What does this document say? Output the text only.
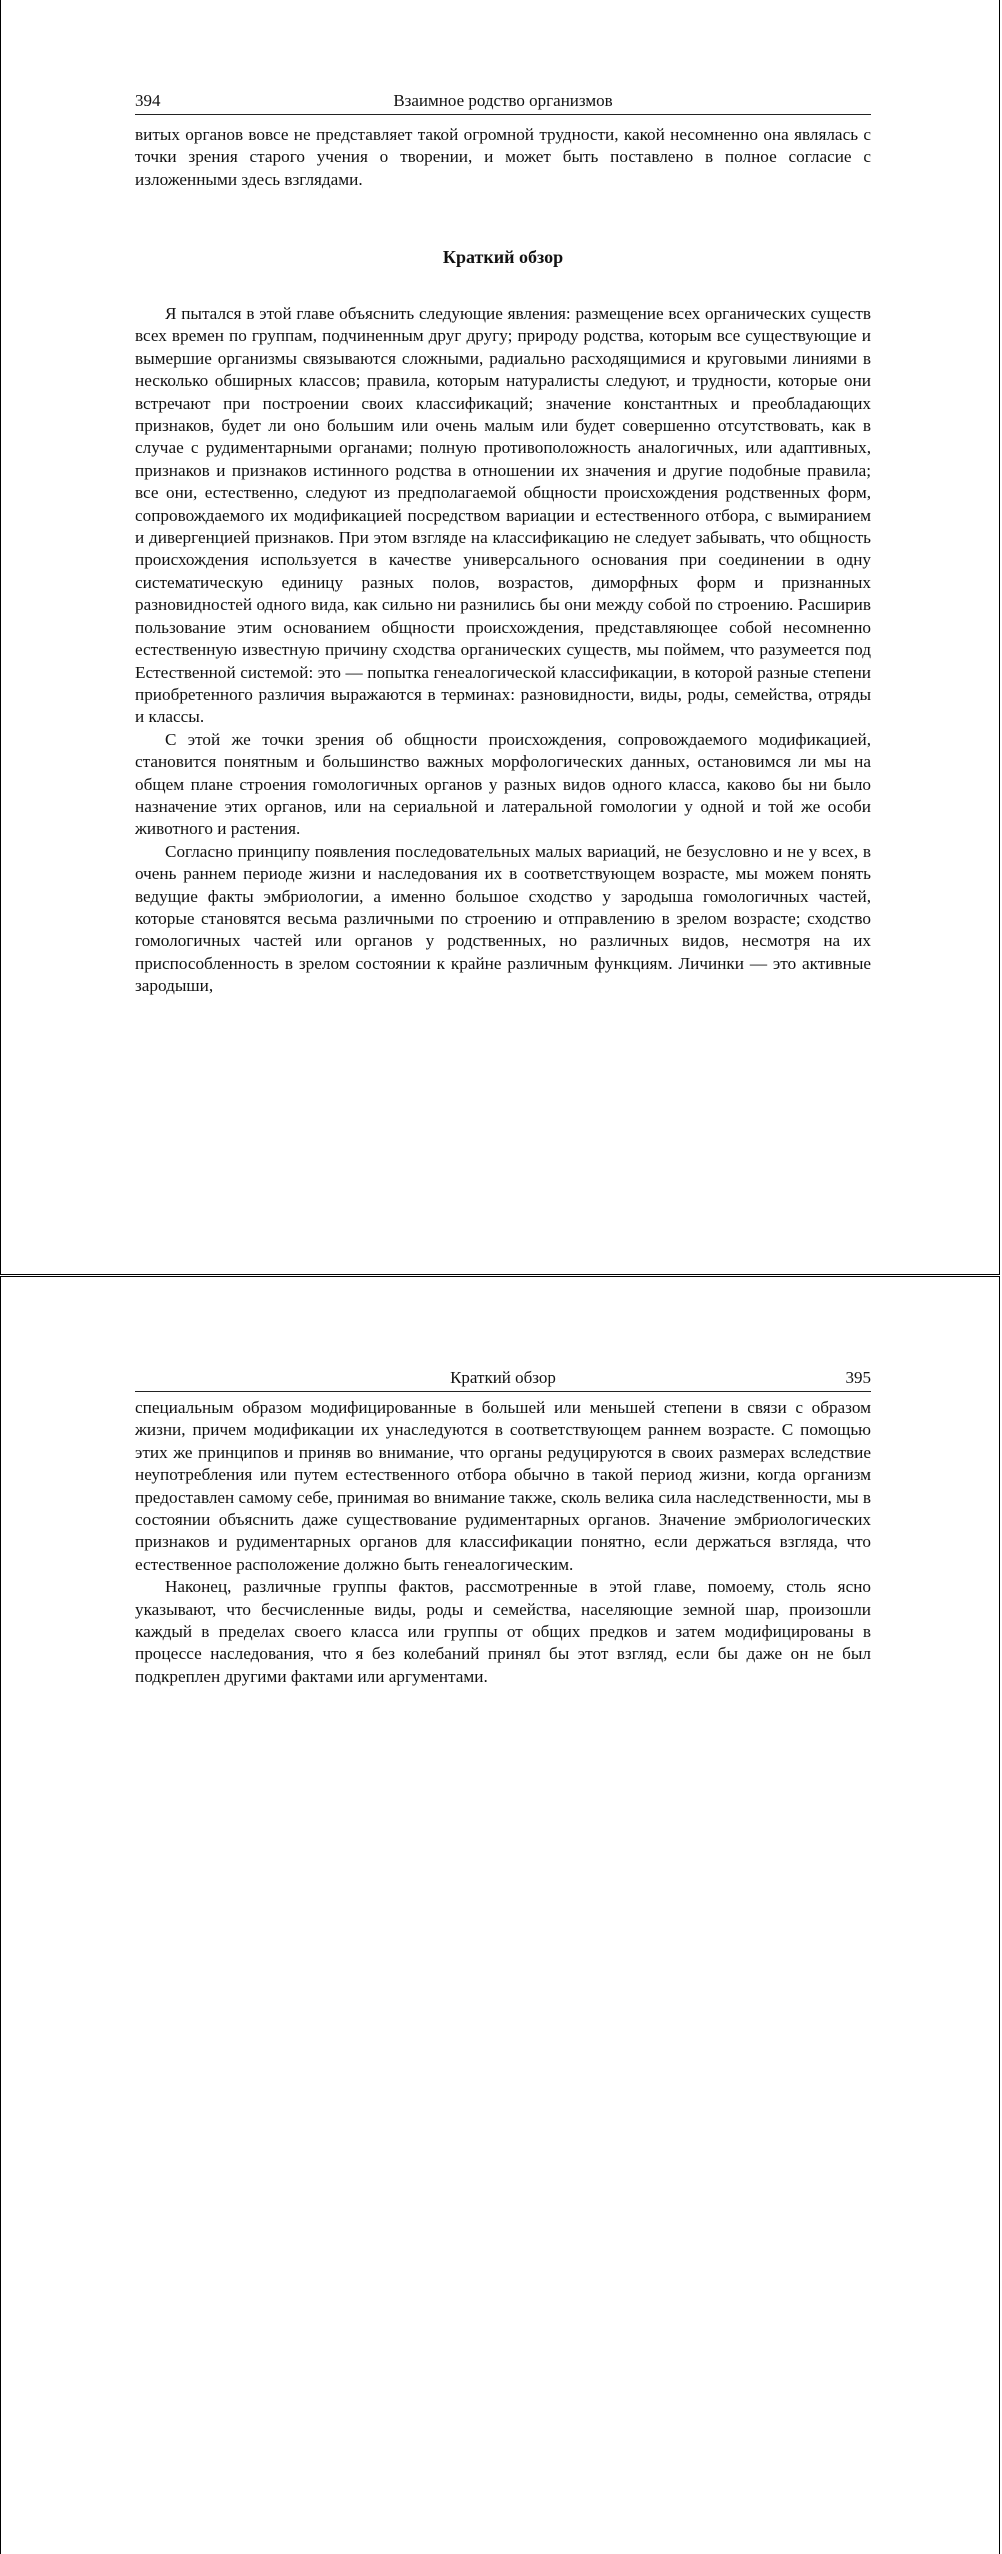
394	Взаимное родство организмов

витых органов вовсе не представляет такой огромной трудности, какой несомненно она являлась с точки зрения старого учения о творении, и может быть поставлено в полное согласие с изложенными здесь взглядами.

Краткий обзор

Я пытался в этой главе объяснить следующие явления: размещение всех органических существ всех времен по группам, подчиненным друг другу; природу родства, которым все существующие и вымершие организмы связываются сложными, радиально расходящимися и круговыми линиями в несколько обширных классов; правила, которым натуралисты следуют, и трудности, которые они встречают при построении своих классификаций; значение константных и преобладающих признаков, будет ли оно большим или очень малым или будет совершенно отсутствовать, как в случае с рудиментарными органами; полную противоположность аналогичных, или адаптивных, признаков и признаков истинного родства в отношении их значения и другие подобные правила; все они, естественно, следуют из предполагаемой общности происхождения родственных форм, сопровождаемого их модификацией посредством вариации и естественного отбора, с вымиранием и дивергенцией признаков. При этом взгляде на классификацию не следует забывать, что общность происхождения используется в качестве универсального основания при соединении в одну систематическую единицу разных полов, возрастов, диморфных форм и признанных разновидностей одного вида, как сильно ни разнились бы они между собой по строению. Расширив пользование этим основанием общности происхождения, представляющее собой несомненно естественную известную причину сходства органических существ, мы поймем, что разумеется под Естественной системой: это — попытка генеалогической классификации, в которой разные степени приобретенного различия выражаются в терминах: разновидности, виды, роды, семейства, отряды и классы.

С этой же точки зрения об общности происхождения, сопровождаемого модификацией, становится понятным и большинство важных морфологических данных, остановимся ли мы на общем плане строения гомологичных органов у разных видов одного класса, каково бы ни было назначение этих органов, или на сериальной и латеральной гомологии у одной и той же особи животного и растения.

Согласно принципу появления последовательных малых вариаций, не безусловно и не у всех, в очень раннем периоде жизни и наследования их в соответствующем возрасте, мы можем понять ведущие факты эмбриологии, а именно большое сходство у зародыша гомологичных частей, которые становятся весьма различными по строению и отправлению в зрелом возрасте; сходство гомологичных частей или органов у родственных, но различных видов, несмотря на их приспособленность в зрелом состоянии к крайне различным функциям. Личинки — это активные зародыши,

Краткий обзор	395

специальным образом модифицированные в большей или меньшей степени в связи с образом жизни, причем модификации их унаследуются в соответствующем раннем возрасте. С помощью этих же принципов и приняв во внимание, что органы редуцируются в своих размерах вследствие неупотребления или путем естественного отбора обычно в такой период жизни, когда организм предоставлен самому себе, принимая во внимание также, сколь велика сила наследственности, мы в состоянии объяснить даже существование рудиментарных органов. Значение эмбриологических признаков и рудиментарных органов для классификации понятно, если держаться взгляда, что естественное расположение должно быть генеалогическим.

Наконец, различные группы фактов, рассмотренные в этой главе, помоему, столь ясно указывают, что бесчисленные виды, роды и семейства, населяющие земной шар, произошли каждый в пределах своего класса или группы от общих предков и затем модифицированы в процессе наследования, что я без колебаний принял бы этот взгляд, если бы даже он не был подкреплен другими фактами или аргументами.
